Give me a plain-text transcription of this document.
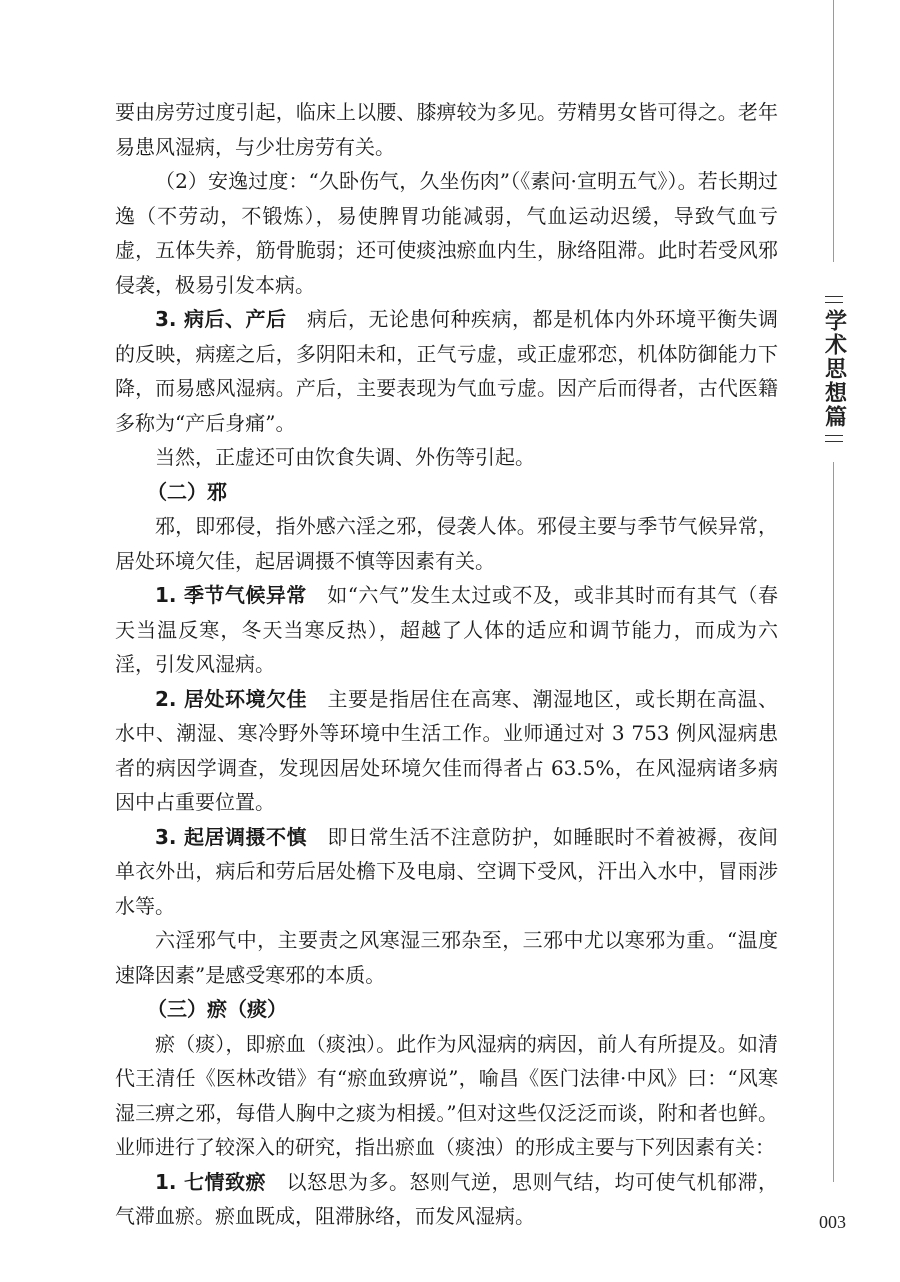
学术思想篇

要由房劳过度引起，临床上以腰、膝痹较为多见。劳精男女皆可得之。老年易患风湿病，与少壮房劳有关。

（2）安逸过度：“久卧伤气，久坐伤肉”（《素问·宣明五气》）。若长期过逸（不劳动，不锻炼），易使脾胃功能减弱，气血运动迟缓，导致气血亏虚，五体失养，筋骨脆弱；还可使痰浊瘀血内生，脉络阻滞。此时若受风邪侵袭，极易引发本病。

3. 病后、产后　 病后，无论患何种疾病，都是机体内外环境平衡失调的反映，病瘥之后，多阴阳未和，正气亏虚，或正虚邪恋，机体防御能力下降，而易感风湿病。产后，主要表现为气血亏虚。因产后而得者，古代医籍多称为“产后身痛”。

当然，正虚还可由饮食失调、外伤等引起。

（二）邪

邪，即邪侵，指外感六淫之邪，侵袭人体。邪侵主要与季节气候异常，居处环境欠佳，起居调摄不慎等因素有关。

1. 季节气候异常　 如“六气”发生太过或不及，或非其时而有其气（春天当温反寒，冬天当寒反热），超越了人体的适应和调节能力，而成为六淫，引发风湿病。

2. 居处环境欠佳　 主要是指居住在高寒、潮湿地区，或长期在高温、水中、潮湿、寒冷野外等环境中生活工作。业师通过对 3 753 例风湿病患者的病因学调查，发现因居处环境欠佳而得者占 63.5%，在风湿病诸多病因中占重要位置。

3. 起居调摄不慎　 即日常生活不注意防护，如睡眠时不着被褥，夜间单衣外出，病后和劳后居处檐下及电扇、空调下受风，汗出入水中，冒雨涉水等。

六淫邪气中，主要责之风寒湿三邪杂至，三邪中尤以寒邪为重。“温度速降因素”是感受寒邪的本质。

（三）瘀（痰）

瘀（痰），即瘀血（痰浊）。此作为风湿病的病因，前人有所提及。如清代王清任《医林改错》有“瘀血致痹说”，喻昌《医门法律·中风》曰：“风寒湿三痹之邪，每借人胸中之痰为相援。”但对这些仅泛泛而谈，附和者也鲜。业师进行了较深入的研究，指出瘀血（痰浊）的形成主要与下列因素有关：

1. 七情致瘀　 以怒思为多。怒则气逆，思则气结，均可使气机郁滞，气滞血瘀。瘀血既成，阻滞脉络，而发风湿病。	003
